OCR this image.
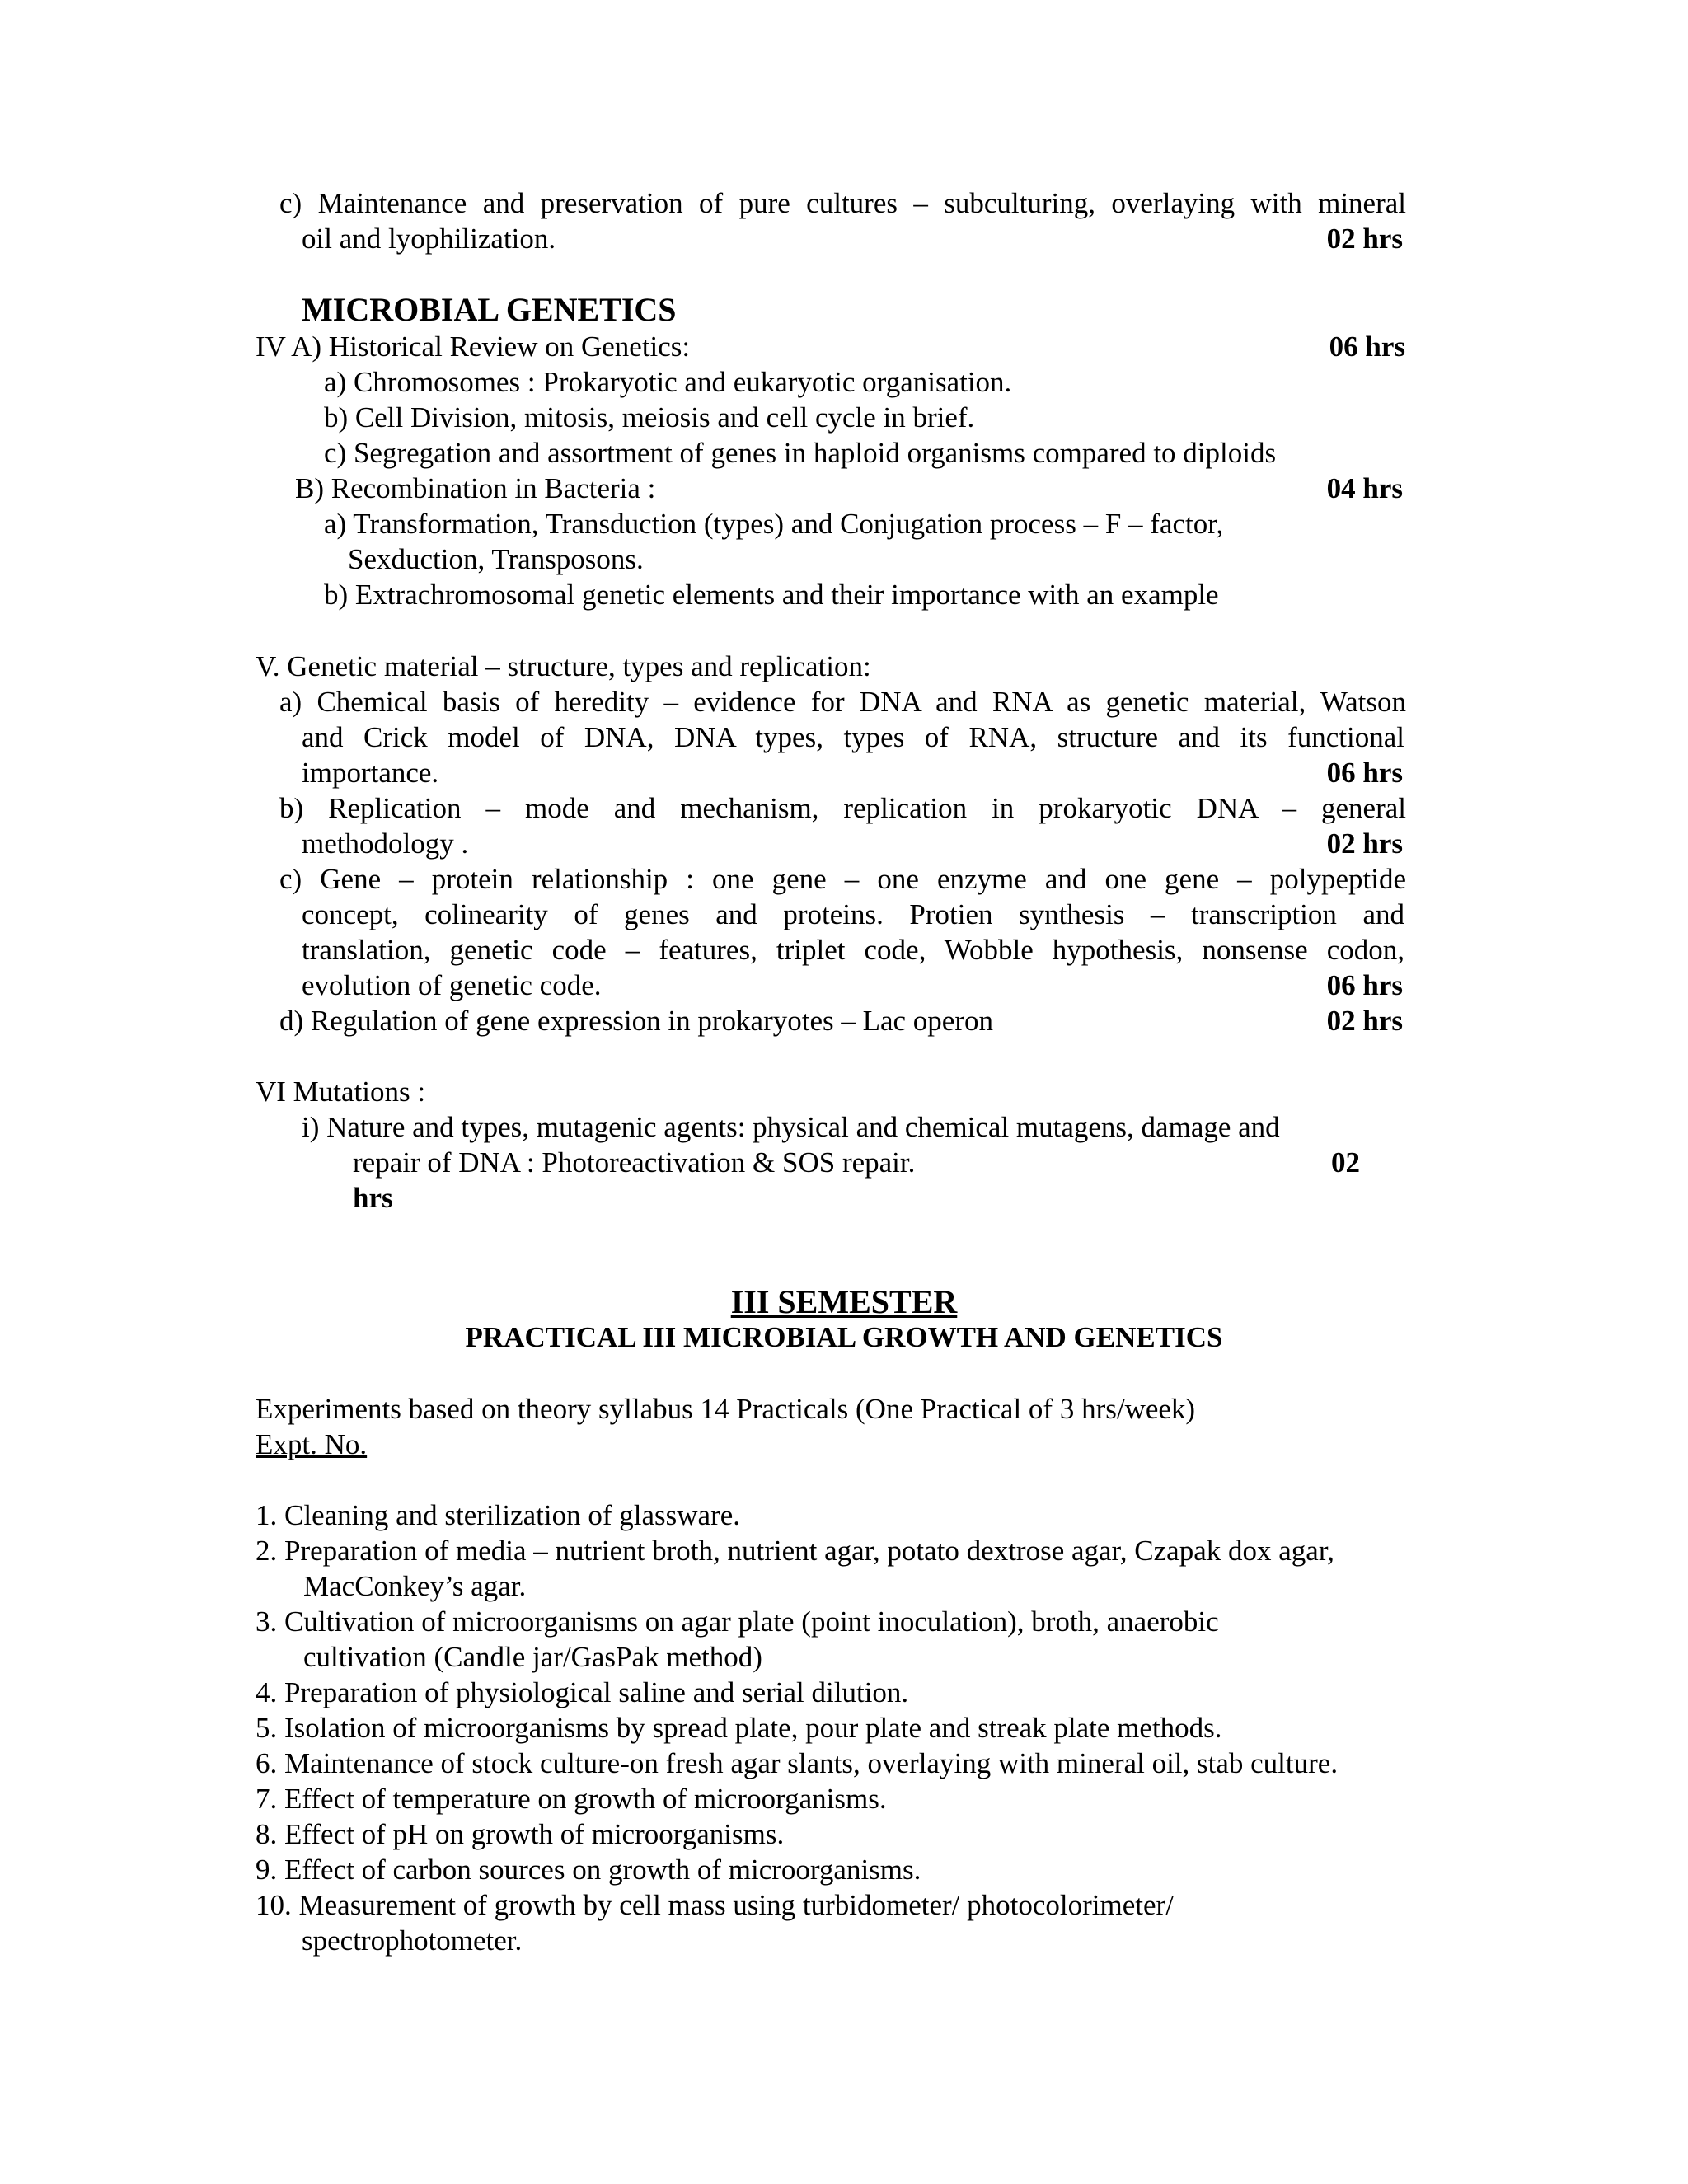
c) Maintenance and preservation of pure cultures – subculturing, overlaying with mineral
oil and lyophilization.	02 hrs
MICROBIAL GENETICS
IV A) Historical Review on Genetics:	06 hrs
a) Chromosomes : Prokaryotic and eukaryotic organisation.
b) Cell Division, mitosis, meiosis and cell cycle in brief.
c) Segregation and assortment of genes in haploid organisms compared to diploids
B) Recombination in Bacteria :	04 hrs
a) Transformation, Transduction (types) and Conjugation process – F – factor,
Sexduction, Transposons.
b) Extrachromosomal genetic elements and their importance with an example
V. Genetic material – structure, types and replication:
a) Chemical basis of heredity – evidence for DNA and RNA as genetic material, Watson
and Crick model of DNA, DNA types, types of RNA, structure and its functional
importance.	06 hrs
b) Replication – mode and mechanism, replication in prokaryotic DNA – general
methodology .	02 hrs
c) Gene – protein relationship : one gene – one enzyme and one gene – polypeptide
concept, colinearity of genes and proteins. Protien synthesis – transcription and
translation, genetic code – features, triplet code, Wobble hypothesis, nonsense codon,
evolution of genetic code.	06 hrs
d) Regulation of gene expression in prokaryotes – Lac operon	02 hrs
VI Mutations :
i) Nature and types, mutagenic agents: physical and chemical mutagens, damage and
repair of DNA : Photoreactivation & SOS repair.	02
hrs
III SEMESTER
PRACTICAL III MICROBIAL GROWTH AND GENETICS
Experiments based on theory syllabus 14 Practicals (One Practical of 3 hrs/week)
Expt. No.
1. Cleaning and sterilization of glassware.
2. Preparation of media – nutrient broth, nutrient agar, potato dextrose agar, Czapak dox agar,
MacConkey’s agar.
3. Cultivation of microorganisms on agar plate (point inoculation), broth, anaerobic
cultivation (Candle jar/GasPak method)
4. Preparation of physiological saline and serial dilution.
5. Isolation of microorganisms by spread plate, pour plate and streak plate methods.
6. Maintenance of stock culture-on fresh agar slants, overlaying with mineral oil, stab culture.
7. Effect of temperature on growth of microorganisms.
8. Effect of pH on growth of microorganisms.
9. Effect of carbon sources on growth of microorganisms.
10. Measurement of growth by cell mass using turbidometer/ photocolorimeter/
spectrophotometer.
